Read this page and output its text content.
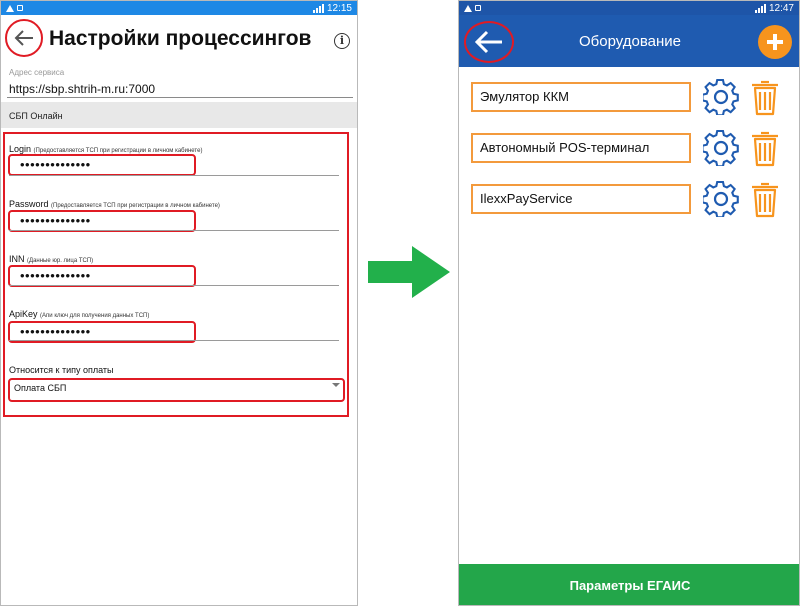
12:15
Настройки процессингов	i
Адрес сервиса
https://sbp.shtrih-m.ru:7000
СБП Онлайн
Login (Предоставляется ТСП при регистрации в личном кабинете)
••••••••••••••
Password (Предоставляется ТСП при регистрации в личном кабинете)
••••••••••••••
INN (Данные юр. лица ТСП)
••••••••••••••
ApiKey (Апи ключ для получения данных ТСП)
••••••••••••••
Относится к типу оплаты
Оплата СБП
12:47
Оборудование
Эмулятор ККМ
Автономный POS-терминал
IlexxPayService
Параметры ЕГАИС
